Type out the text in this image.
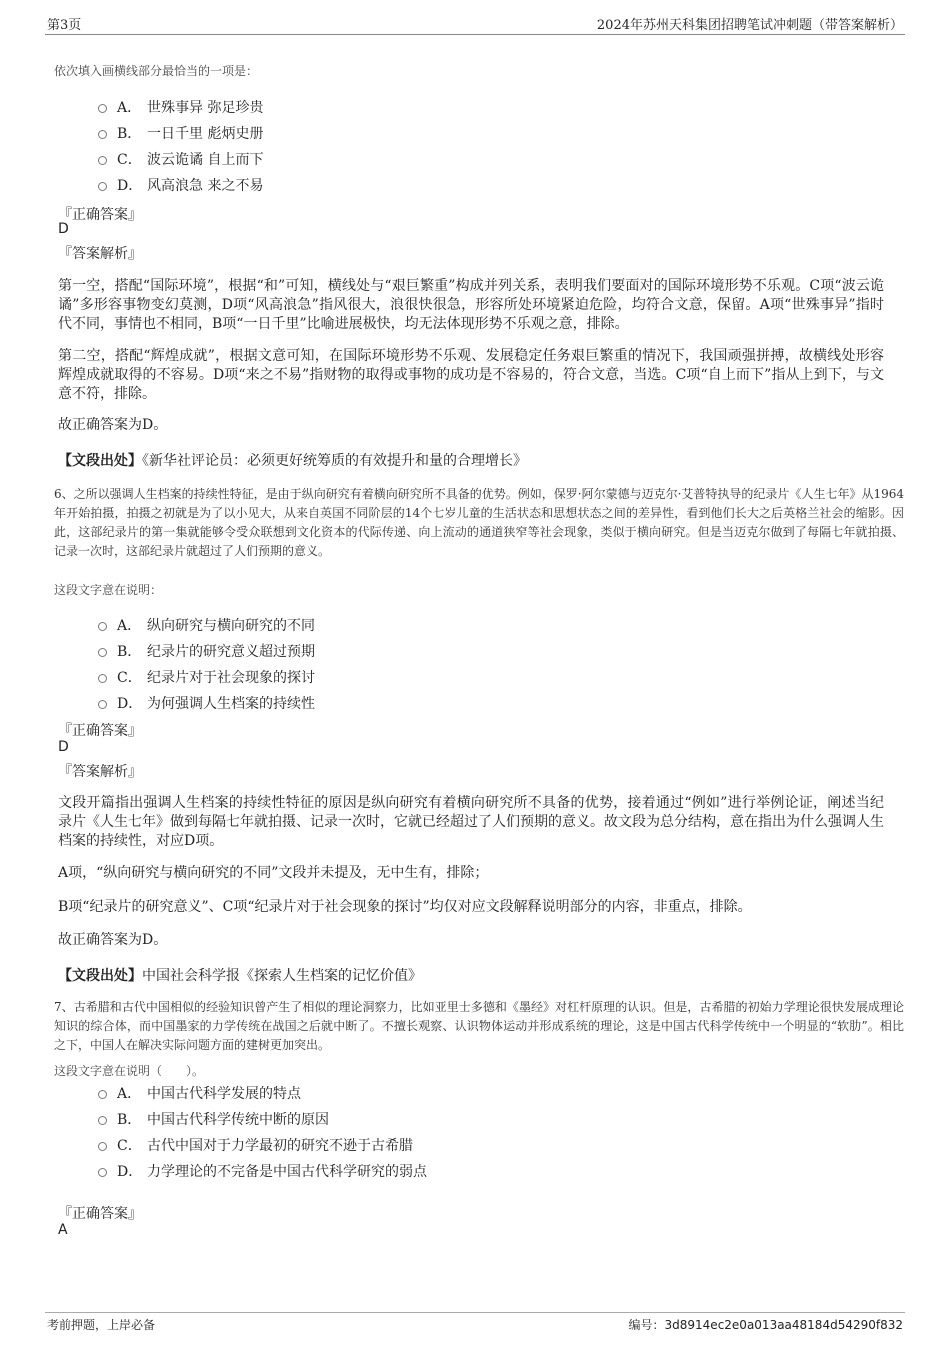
第3页	2024年苏州天科集团招聘笔试冲刺题（带答案解析）
依次填入画横线部分最恰当的一项是：
A． 世殊事异 弥足珍贵
B． 一日千里 彪炳史册
C． 波云诡谲 自上而下
D． 风高浪急 来之不易
『正确答案』
D
『答案解析』
第一空，搭配“国际环境”，根据“和”可知，横线处与“艰巨繁重”构成并列关系，表明我们要面对的国际环境形势不乐观。C项“波云诡谲”多形容事物变幻莫测，D项“风高浪急”指风很大，浪很快很急，形容所处环境紧迫危险，均符合文意，保留。A项“世殊事异”指时代不同，事情也不相同，B项“一日千里”比喻进展极快，均无法体现形势不乐观之意，排除。
第二空，搭配“辉煌成就”，根据文意可知，在国际环境形势不乐观、发展稳定任务艰巨繁重的情况下，我国顽强拼搏，故横线处形容辉煌成就取得的不容易。D项“来之不易”指财物的取得或事物的成功是不容易的，符合文意，当选。C项“自上而下”指从上到下，与文意不符，排除。
故正确答案为D。
【文段出处】《新华社评论员：必须更好统筹质的有效提升和量的合理增长》
6、之所以强调人生档案的持续性特征，是由于纵向研究有着横向研究所不具备的优势。例如，保罗·阿尔蒙德与迈克尔·艾普特执导的纪录片《人生七年》从1964年开始拍摄，拍摄之初就是为了以小见大，从来自英国不同阶层的14个七岁儿童的生活状态和思想状态之间的差异性，看到他们长大之后英格兰社会的缩影。因此，这部纪录片的第一集就能够令受众联想到文化资本的代际传递、向上流动的通道狭窄等社会现象，类似于横向研究。但是当迈克尔做到了每隔七年就拍摄、记录一次时，这部纪录片就超过了人们预期的意义。
这段文字意在说明：
A． 纵向研究与横向研究的不同
B． 纪录片的研究意义超过预期
C． 纪录片对于社会现象的探讨
D． 为何强调人生档案的持续性
『正确答案』
D
『答案解析』
文段开篇指出强调人生档案的持续性特征的原因是纵向研究有着横向研究所不具备的优势，接着通过“例如”进行举例论证，阐述当纪录片《人生七年》做到每隔七年就拍摄、记录一次时，它就已经超过了人们预期的意义。故文段为总分结构，意在指出为什么强调人生档案的持续性，对应D项。
A项，“纵向研究与横向研究的不同”文段并未提及，无中生有，排除；
B项“纪录片的研究意义”、C项“纪录片对于社会现象的探讨”均仅对应文段解释说明部分的内容，非重点，排除。
故正确答案为D。
【文段出处】中国社会科学报《探索人生档案的记忆价值》
7、古希腊和古代中国相似的经验知识曾产生了相似的理论洞察力，比如亚里士多德和《墨经》对杠杆原理的认识。但是，古希腊的初始力学理论很快发展成理论知识的综合体，而中国墨家的力学传统在战国之后就中断了。不擅长观察、认识物体运动并形成系统的理论，这是中国古代科学传统中一个明显的“软肋”。相比之下，中国人在解决实际问题方面的建树更加突出。
这段文字意在说明（　　）。
A． 中国古代科学发展的特点
B． 中国古代科学传统中断的原因
C． 古代中国对于力学最初的研究不逊于古希腊
D． 力学理论的不完备是中国古代科学研究的弱点
『正确答案』
A
考前押题，上岸必备	编号：3d8914ec2e0a013aa48184d54290f832
